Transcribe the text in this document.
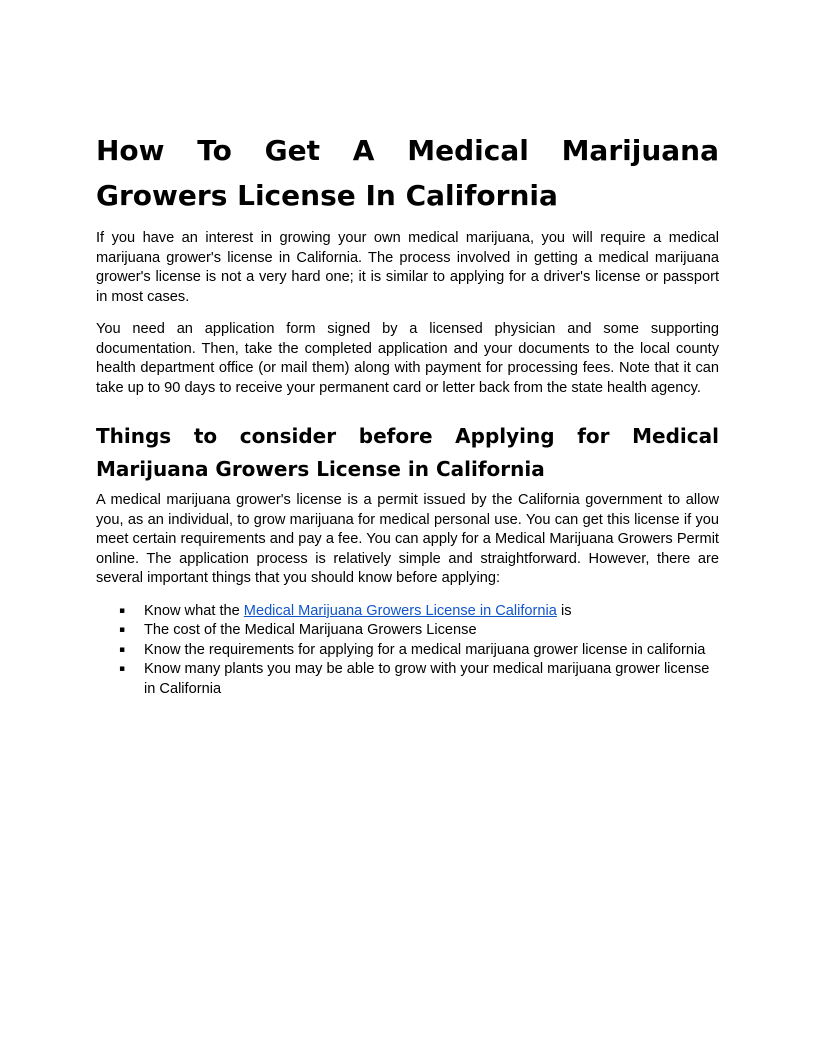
How To Get A Medical Marijuana Growers License In California

If you have an interest in growing your own medical marijuana, you will require a medical marijuana grower's license in California. The process involved in getting a medical marijuana grower's license is not a very hard one; it is similar to applying for a driver's license or passport in most cases.

You need an application form signed by a licensed physician and some supporting documentation. Then, take the completed application and your documents to the local county health department office (or mail them) along with payment for processing fees. Note that it can take up to 90 days to receive your permanent card or letter back from the state health agency.

Things to consider before Applying for Medical Marijuana Growers License in California

A medical marijuana grower's license is a permit issued by the California government to allow you, as an individual, to grow marijuana for medical personal use. You can get this license if you meet certain requirements and pay a fee. You can apply for a Medical Marijuana Growers Permit online. The application process is relatively simple and straightforward. However, there are several important things that you should know before applying:

▪ Know what the Medical Marijuana Growers License in California is
▪ The cost of the Medical Marijuana Growers License
▪ Know the requirements for applying for a medical marijuana grower license in california
▪ Know many plants you may be able to grow with your medical marijuana grower license in California
